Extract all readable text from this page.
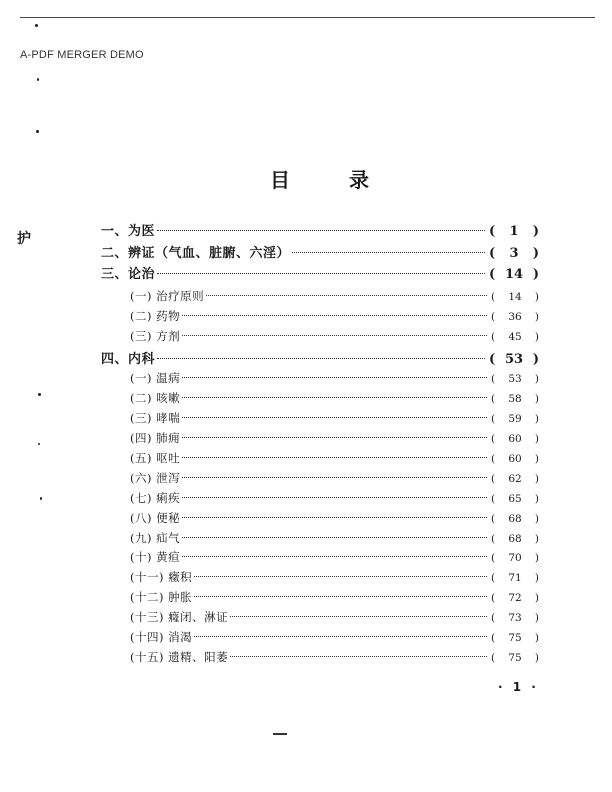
A-PDF MERGER DEMO
护
目 录
一、为医	(	1	)
二、辨证（气血、脏腑、六淫）	(	3	)
三、论治	( 14 )
(一) 治疗原则	(	14	)
(二) 药物	(	36	)
(三) 方剂	(	45	)
四、内科	( 53 )
(一) 温病	(	53	)
(二) 咳嗽	(	58	)
(三) 哮喘	(	59	)
(四) 肺痈	(	60	)
(五) 呕吐	(	60	)
(六) 泄泻	(	62	)
(七) 痢疾	(	65	)
(八) 便秘	(	68	)
(九) 疝气	(	68	)
(十) 黄疸	(	70	)
(十一) 癥积	(	71	)
(十二) 肿胀	(	72	)
(十三) 癃闭、淋证	(	73	)
(十四) 消渴	(	75	)
(十五) 遗精、阳萎	(	75	)
· 1 ·
